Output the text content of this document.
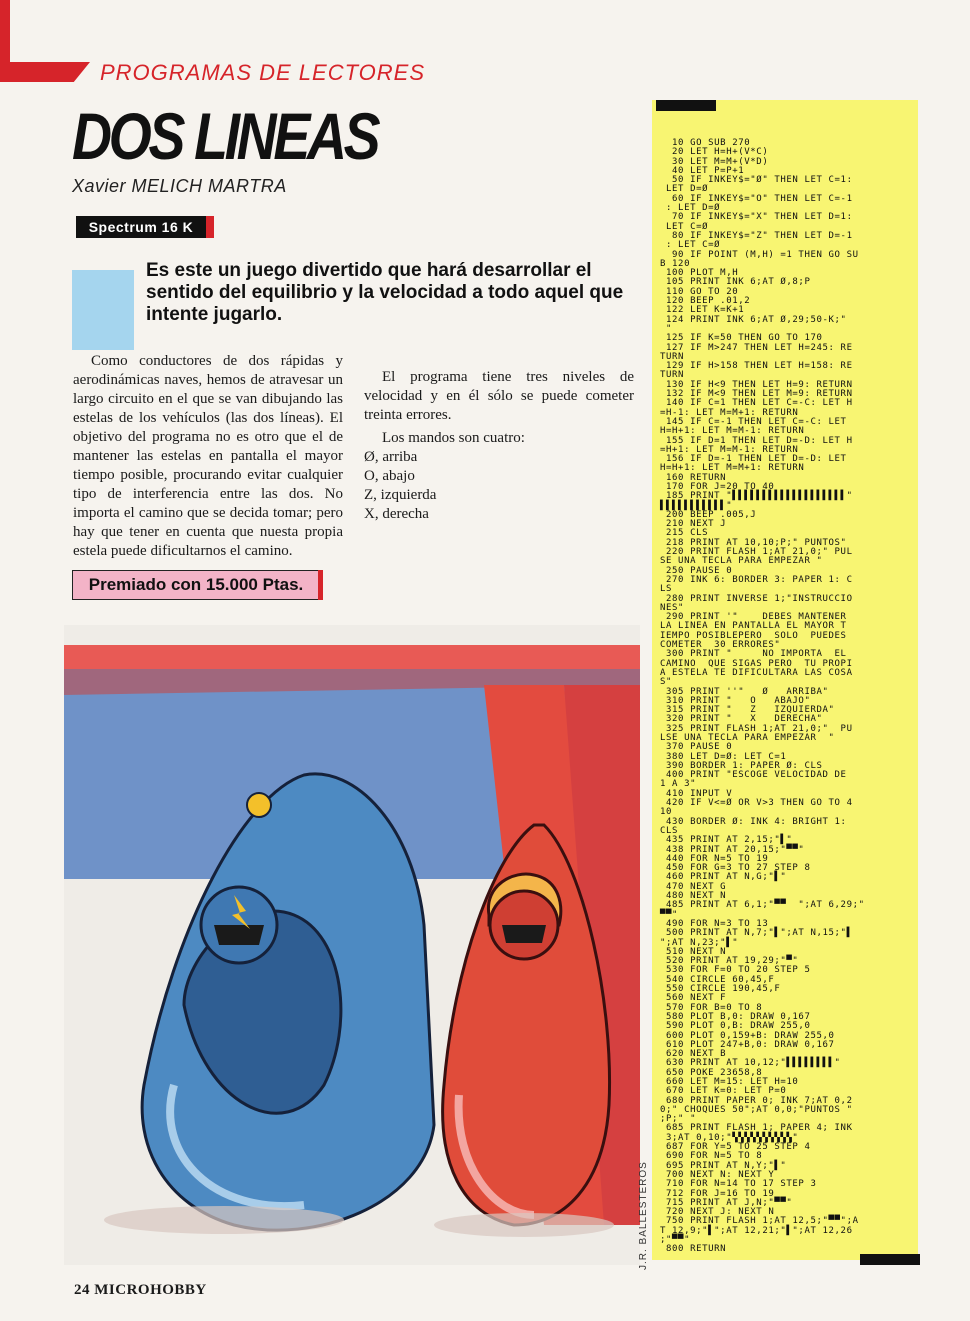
PROGRAMAS DE LECTORES
DOS LINEAS
Xavier MELICH MARTRA
Spectrum 16 K
Es este un juego divertido que hará desarrollar el sentido del equilibrio y la velocidad a todo aquel que intente jugarlo.

Como conductores de dos rápidas y aerodinámicas naves, hemos de atravesar un largo circuito en el que se van dibujando las estelas de los vehículos (las dos líneas). El objetivo del programa no es otro que el de mantener las estelas en pantalla el mayor tiempo posible, procurando evitar cualquier tipo de interferencia entre las dos. No importa el camino que se decida tomar; pero hay que tener en cuenta que nuesta propia estela puede dificultarnos el camino.

El programa tiene tres niveles de velocidad y en él sólo se puede cometer treinta errores.

Los mandos son cuatro:

Ø, arriba
O, abajo
Z, izquierda
X, derecha
Premiado con 15.000 Ptas.
J.R. BALLESTEROS
24 MICROHOBBY
10 GO SUB 270
20 LET H=H+(V*C)
30 LET M=M+(V*D)
40 LET P=P+1
50 IF INKEY$="Ø" THEN LET C=1:
LET D=Ø
60 IF INKEY$="O" THEN LET C=-1
: LET D=Ø
70 IF INKEY$="X" THEN LET D=1:
LET C=Ø
80 IF INKEY$="Z" THEN LET D=-1
: LET C=Ø
90 IF POINT (M,H) =1 THEN GO SU
B 120
100 PLOT M,H
105 PRINT INK 6;AT Ø,8;P
110 GO TO 20
120 BEEP .01,2
122 LET K=K+1
124 PRINT INK 6;AT Ø,29;50-K;"
"
125 IF K=50 THEN GO TO 170
127 IF M>247 THEN LET H=245: RE
TURN
129 IF H>158 THEN LET H=158: RE
TURN
130 IF H<9 THEN LET H=9: RETURN
132 IF M<9 THEN LET M=9: RETURN
140 IF C=1 THEN LET C=-C: LET H
=H-1: LET M=M+1: RETURN
145 IF C=-1 THEN LET C=-C: LET
H=H+1: LET M=M-1: RETURN
155 IF D=1 THEN LET D=-D: LET H
=H+1: LET M=M-1: RETURN
156 IF D=-1 THEN LET D=-D: LET
H=H+1: LET M=M+1: RETURN
160 RETURN
170 FOR J=20 TO 40
185 PRINT "▌▌▌▌▌▌▌▌▌▌▌▌▌▌▌▌▌▌▌"
▌▌▌▌▌▌▌▌▌▌▌"
200 BEEP .005,J
210 NEXT J
215 CLS
218 PRINT AT 10,10;P;" PUNTOS"
220 PRINT FLASH 1;AT 21,0;" PUL
SE UNA TECLA PARA EMPEZAR "
250 PAUSE 0
270 INK 6: BORDER 3: PAPER 1: C
LS
280 PRINT INVERSE 1;"INSTRUCCIO
NES"
290 PRINT '"    DEBES MANTENER
LA LINEA EN PANTALLA EL MAYOR T
IEMPO POSIBLEPERO  SOLO  PUEDES
COMETER  30 ERRORES"
300 PRINT "     NO IMPORTA  EL
CAMINO  QUE SIGAS PERO  TU PROPI
A ESTELA TE DIFICULTARA LAS COSA
S"
305 PRINT ''"   Ø   ARRIBA"
310 PRINT "   O   ABAJO"
315 PRINT "   Z   IZQUIERDA"
320 PRINT "   X   DERECHA"
325 PRINT FLASH 1;AT 21,0;"  PU
LSE UNA TECLA PARA EMPEZAR  "
370 PAUSE 0
380 LET D=Ø: LET C=1
390 BORDER 1: PAPER Ø: CLS
400 PRINT "ESCOGE VELOCIDAD DE
1 A 3"
410 INPUT V
420 IF V<=Ø OR V>3 THEN GO TO 4
10
430 BORDER Ø: INK 4: BRIGHT 1:
CLS
435 PRINT AT 2,15;"▌"
438 PRINT AT 20,15;"▀▀"
440 FOR N=5 TO 19
450 FOR G=3 TO 27 STEP 8
460 PRINT AT N,G;"▌"
470 NEXT G
480 NEXT N
485 PRINT AT 6,1;"▀▀  ";AT 6,29;"
▀▀"
490 FOR N=3 TO 13
500 PRINT AT N,7;"▌";AT N,15;"▌
";AT N,23;"▌"
510 NEXT N
520 PRINT AT 19,29;"▀"
530 FOR F=0 TO 20 STEP 5
540 CIRCLE 60,45,F
550 CIRCLE 190,45,F
560 NEXT F
570 FOR B=0 TO 8
580 PLOT B,0: DRAW 0,167
590 PLOT 0,B: DRAW 255,0
600 PLOT 0,159+B: DRAW 255,0
610 PLOT 247+B,0: DRAW 0,167
620 NEXT B
630 PRINT AT 10,12;"▌▌▌▌▌▌▌▌"
650 POKE 23658,8
660 LET M=15: LET H=10
670 LET K=0: LET P=0
680 PRINT PAPER 0; INK 7;AT 0,2
0;" CHOQUES 50";AT 0,0;"PUNTOS "
;P;" "
685 PRINT FLASH 1; PAPER 4; INK
3;AT 0,10;"▚▚▚▚▚▚▚▚▚▚"
687 FOR Y=5 TO 25 STEP 4
690 FOR N=5 TO 8
695 PRINT AT N,Y;"▌"
700 NEXT N: NEXT Y
710 FOR N=14 TO 17 STEP 3
712 FOR J=16 TO 19
715 PRINT AT J,N;"▀▀"
720 NEXT J: NEXT N
750 PRINT FLASH 1;AT 12,5;"▀▀";A
T 12,9;"▌";AT 12,21;"▌";AT 12,26
;"▀▀"
800 RETURN
